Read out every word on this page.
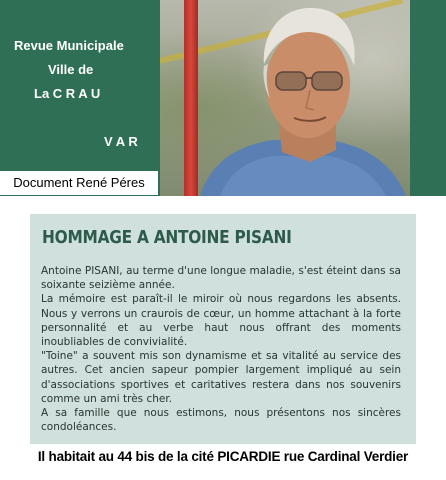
Revue Municipale
Ville de
La C R A U
V A R
Document René Péres
HOMMAGE A ANTOINE PISANI

Antoine PISANI, au terme d'une longue maladie, s'est éteint dans sa soixante seizième année.

La mémoire est paraît-il le miroir où nous regardons les absents. Nous y verrons un craurois de cœur, un homme attachant à la forte personnalité et au verbe haut nous offrant des moments inoubliables de convivialité.

"Toine" a souvent mis son dynamisme et sa vitalité au service des autres. Cet ancien sapeur pompier largement impliqué au sein d'associations sportives et caritatives restera dans nos souvenirs comme un ami très cher.

A sa famille que nous estimons, nous présentons nos sincères condoléances.

Il habitait au 44 bis de la cité PICARDIE rue Cardinal Verdier
